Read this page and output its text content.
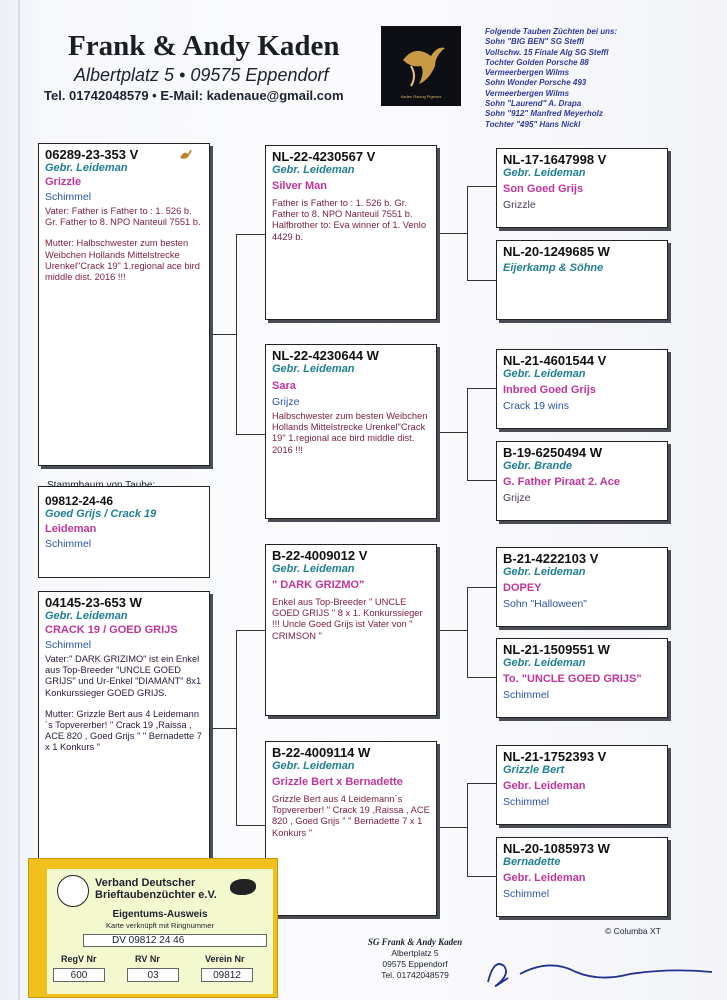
Frank & Andy Kaden
Albertplatz 5 • 09575 Eppendorf
Tel. 01742048579 • E-Mail: kadenaue@gmail.com	Kaden Racing Pigeons
Folgende Tauben Züchten bei uns:
Sohn "BIG BEN" SG Steffl
Vollschw. 15 Finale Alg SG Steffl
Tochter Golden Porsche 88
Vermeerbergen Wilms
Sohn Wonder Porsche 493
Vermeerbergen Wilms
Sohn "Laurend" A. Drapa
Sohn "912" Manfred Meyerholz
Tochter "495" Hans Nickl
06289-23-353 V
Gebr. Leideman
Grizzle
Schimmel
Vater: Father is Father to : 1. 526 b. Gr. Father to 8. NPO Nanteuil 7551 b.
Mutter: Halbschwester zum besten Weibchen Hollands Mittelstrecke Urenkel"Crack 19" 1.regional ace bird middle dist. 2016 !!!
09812-24-46
Goed Grijs / Crack 19
Leideman
Schimmel
04145-23-653 W
Gebr. Leideman
CRACK 19 / GOED GRIJS
Schimmel
Vater:" DARK GRIZIMO" ist ein Enkel aus Top-Breeder "UNCLE GOED GRIJS" und Ur-Enkel "DIAMANT" 8x1 Konkurssieger GOED GRIJS.
Mutter: Grizzle Bert aus 4 Leidemann´s Topvererber! " Crack 19 ,Raissa , ACE 820 , Goed Grijs " " Bernadette 7 x 1 Konkurs "
NL-22-4230567 V
Gebr. Leideman
Silver Man
Father is Father to : 1. 526 b. Gr. Father to 8. NPO Nanteuil 7551 b. Halfbrother to: Eva winner of 1. Venlo 4429 b.
NL-22-4230644 W
Gebr. Leideman
Sara
Grijze
Halbschwester zum besten Weibchen Hollands Mittelstrecke Urenkel"Crack 19" 1.regional ace bird middle dist. 2016 !!!
B-22-4009012 V
Gebr. Leideman
" DARK GRIZMO"
Enkel aus Top-Breeder " UNCLE GOED GRIJS " 8 x 1. Konkurssieger !!! Uncle Goed Grijs ist Vater von " CRIMSON "
B-22-4009114 W
Gebr. Leideman
Grizzle Bert x Bernadette
Grizzle Bert aus 4 Leidemann´s Topvererber! " Crack 19 ,Raissa , ACE 820 , Goed Grijs " " Bernadette 7 x 1 Konkurs "
NL-17-1647998 V
Gebr. Leideman
Son Goed Grijs
Grizzle
NL-20-1249685 W
Eijerkamp & Söhne
NL-21-4601544 V
Gebr. Leideman
Inbred Goed Grijs
Crack 19 wins
B-19-6250494 W
Gebr. Brande
G. Father Piraat 2. Ace
Grijze
B-21-4222103 V
Gebr. Leideman
DOPEY
Sohn "Halloween"
NL-21-1509551 W
Gebr. Leideman
To. "UNCLE GOED GRIJS"
Schimmel
NL-21-1752393 V
Grizzle Bert
Gebr. Leideman
Schimmel
NL-20-1085973 W
Bernadette
Gebr. Leideman
Schimmel
© Columba XT
SG Frank & Andy Kaden
Albertplatz 5
09575 Eppendorf
Tel. 01742048579
Verband Deutscher
Brieftaubenzüchter e.V.
Eigentums-Ausweis
Karte verknüpft mit Ringnummer
DV 09812 24 46
RegV Nr	RV Nr	Verein Nr
600	03	09812
